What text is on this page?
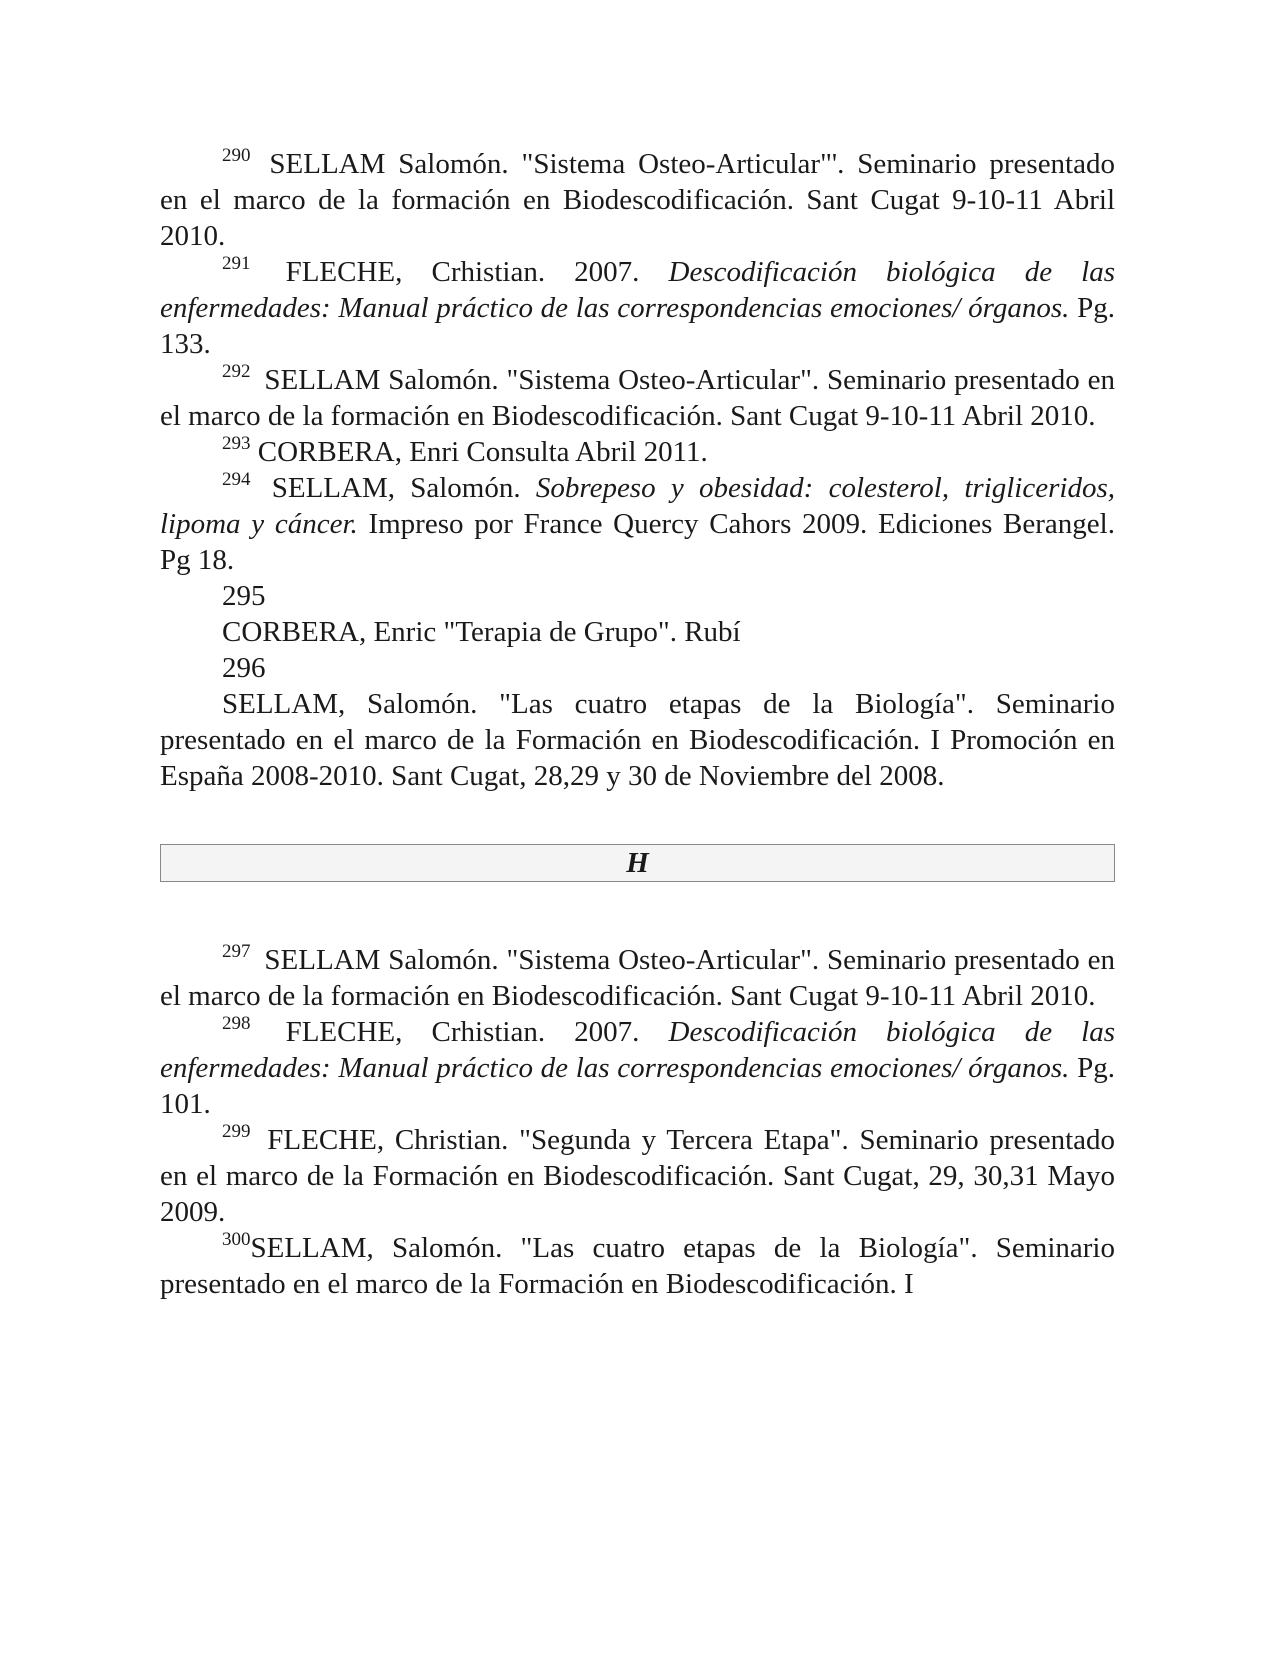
$^{290}$ SELLAM Salomón. "Sistema Osteo-Articular"'. Seminario presentado en el marco de la formación en Biodescodificación. Sant Cugat 9-10-11 Abril 2010.

$^{291}$ FLECHE, Crhistian. 2007. Descodificación biológica de las enfermedades: Manual práctico de las correspondencias emociones/ órganos. Pg. 133.

$^{292}$ SELLAM Salomón. "Sistema Osteo-Articular". Seminario presentado en el marco de la formación en Biodescodificación. Sant Cugat 9-10-11 Abril 2010.

$^{293}$ CORBERA, Enri Consulta Abril 2011.

$^{294}$ SELLAM, Salomón. Sobrepeso y obesidad: colesterol, trigliceridos, lipoma y cáncer. Impreso por France Quercy Cahors 2009. Ediciones Berangel. Pg 18.

295

CORBERA, Enric "Terapia de Grupo". Rubí

296

SELLAM, Salomón. "Las cuatro etapas de la Biología". Seminario presentado en el marco de la Formación en Biodescodificación. I Promoción en España 2008-2010. Sant Cugat, 28,29 y 30 de Noviembre del 2008.

H

$^{297}$ SELLAM Salomón. "Sistema Osteo-Articular". Seminario presentado en el marco de la formación en Biodescodificación. Sant Cugat 9-10-11 Abril 2010.

$^{298}$ FLECHE, Crhistian. 2007. Descodificación biológica de las enfermedades: Manual práctico de las correspondencias emociones/ órganos. Pg. 101.

$^{299}$ FLECHE, Christian. "Segunda y Tercera Etapa". Seminario presentado en el marco de la Formación en Biodescodificación. Sant Cugat, 29, 30,31 Mayo 2009.

$^{300}$SELLAM, Salomón. "Las cuatro etapas de la Biología". Seminario presentado en el marco de la Formación en Biodescodificación. I
